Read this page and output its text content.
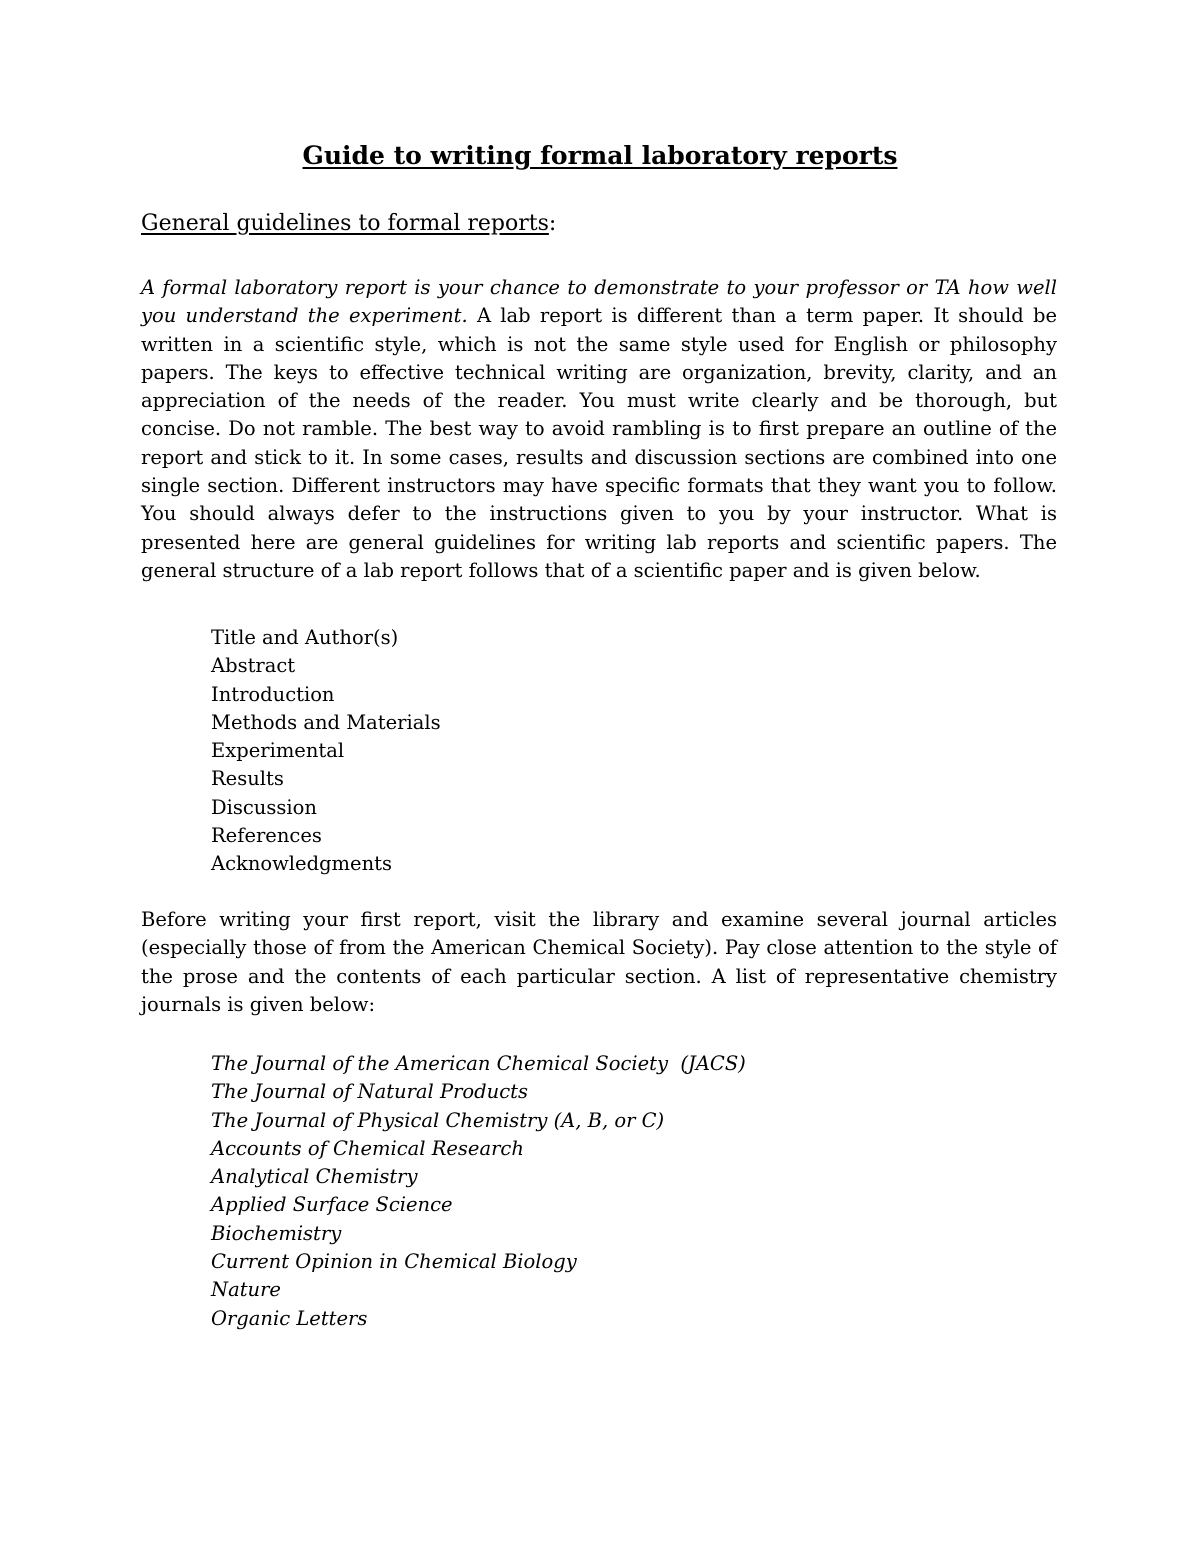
Guide to writing formal laboratory reports
General guidelines to formal reports:

A formal laboratory report is your chance to demonstrate to your professor or TA how well you understand the experiment. A lab report is different than a term paper. It should be written in a scientific style, which is not the same style used for English or philosophy papers. The keys to effective technical writing are organization, brevity, clarity, and an appreciation of the needs of the reader. You must write clearly and be thorough, but concise. Do not ramble. The best way to avoid rambling is to first prepare an outline of the report and stick to it. In some cases, results and discussion sections are combined into one single section. Different instructors may have specific formats that they want you to follow. You should always defer to the instructions given to you by your instructor. What is presented here are general guidelines for writing lab reports and scientific papers. The general structure of a lab report follows that of a scientific paper and is given below.

Title and Author(s)
Abstract
Introduction
Methods and Materials
Experimental
Results
Discussion
References
Acknowledgments

Before writing your first report, visit the library and examine several journal articles (especially those of from the American Chemical Society). Pay close attention to the style of the prose and the contents of each particular section. A list of representative chemistry journals is given below:

The Journal of the American Chemical Society  (JACS)
The Journal of Natural Products
The Journal of Physical Chemistry (A, B, or C)
Accounts of Chemical Research
Analytical Chemistry
Applied Surface Science
Biochemistry
Current Opinion in Chemical Biology
Nature
Organic Letters
